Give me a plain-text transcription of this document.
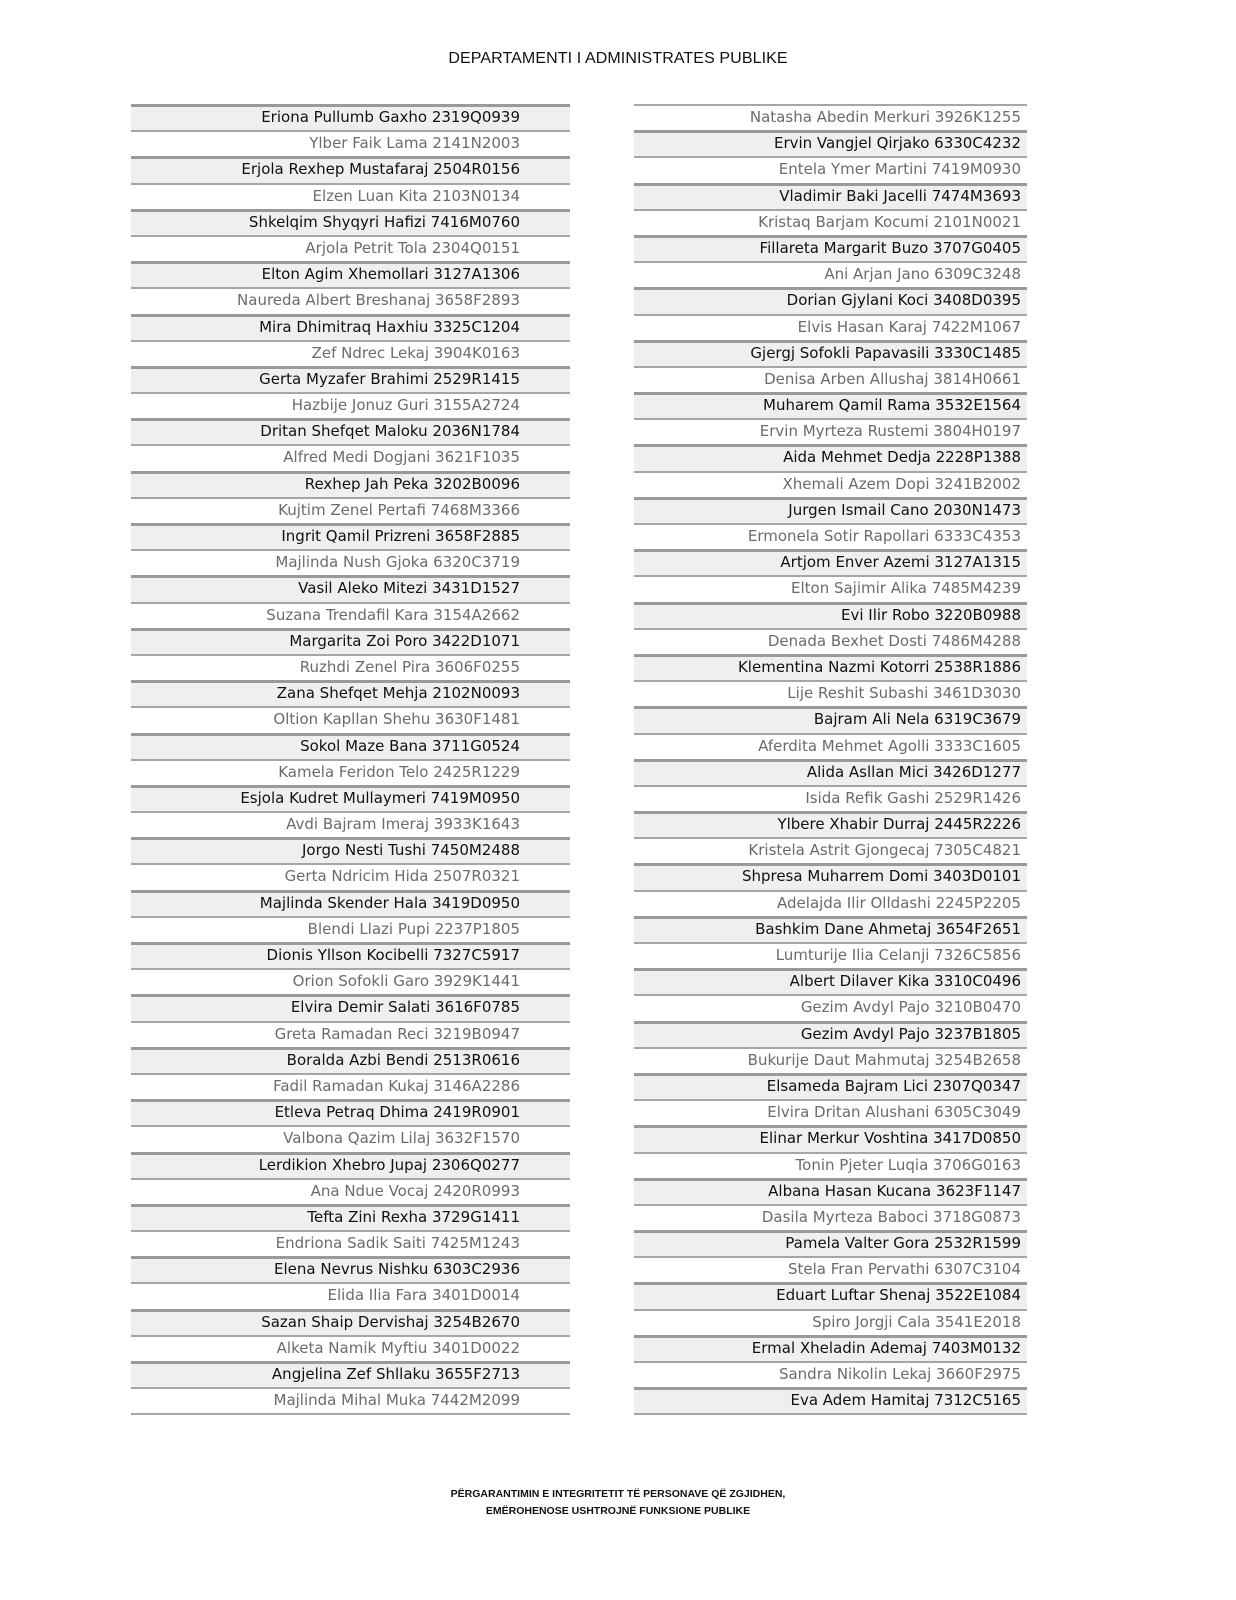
DEPARTAMENTI I ADMINISTRATES PUBLIKE
Eriona Pullumb Gaxho 2319Q0939
Ylber Faik Lama 2141N2003
Erjola Rexhep Mustafaraj 2504R0156
Elzen Luan Kita 2103N0134
Shkelqim Shyqyri Hafizi 7416M0760
Arjola Petrit Tola 2304Q0151
Elton Agim Xhemollari 3127A1306
Naureda Albert Breshanaj 3658F2893
Mira Dhimitraq Haxhiu 3325C1204
Zef Ndrec Lekaj 3904K0163
Gerta Myzafer Brahimi 2529R1415
Hazbije Jonuz Guri 3155A2724
Dritan Shefqet Maloku 2036N1784
Alfred Medi Dogjani 3621F1035
Rexhep Jah Peka 3202B0096
Kujtim Zenel Pertafi 7468M3366
Ingrit Qamil Prizreni 3658F2885
Majlinda Nush Gjoka 6320C3719
Vasil Aleko Mitezi 3431D1527
Suzana Trendafil Kara 3154A2662
Margarita Zoi Poro 3422D1071
Ruzhdi Zenel Pira 3606F0255
Zana Shefqet Mehja 2102N0093
Oltion Kapllan Shehu 3630F1481
Sokol Maze Bana 3711G0524
Kamela Feridon Telo 2425R1229
Esjola Kudret Mullaymeri 7419M0950
Avdi Bajram Imeraj 3933K1643
Jorgo Nesti Tushi 7450M2488
Gerta Ndricim Hida 2507R0321
Majlinda Skender Hala 3419D0950
Blendi Llazi Pupi 2237P1805
Dionis Yllson Kocibelli 7327C5917
Orion Sofokli Garo 3929K1441
Elvira Demir Salati 3616F0785
Greta Ramadan Reci 3219B0947
Boralda Azbi Bendi 2513R0616
Fadil Ramadan Kukaj 3146A2286
Etleva Petraq Dhima 2419R0901
Valbona Qazim Lilaj 3632F1570
Lerdikion Xhebro Jupaj 2306Q0277
Ana Ndue Vocaj 2420R0993
Tefta Zini Rexha 3729G1411
Endriona Sadik Saiti 7425M1243
Elena Nevrus Nishku 6303C2936
Elida Ilia Fara 3401D0014
Sazan Shaip Dervishaj 3254B2670
Alketa Namik Myftiu 3401D0022
Angjelina Zef Shllaku 3655F2713
Majlinda Mihal Muka 7442M2099
Natasha Abedin Merkuri 3926K1255
Ervin Vangjel Qirjako 6330C4232
Entela Ymer Martini 7419M0930
Vladimir Baki Jacelli 7474M3693
Kristaq Barjam Kocumi 2101N0021
Fillareta Margarit Buzo 3707G0405
Ani Arjan Jano 6309C3248
Dorian Gjylani Koci 3408D0395
Elvis Hasan Karaj 7422M1067
Gjergj Sofokli Papavasili 3330C1485
Denisa Arben Allushaj 3814H0661
Muharem Qamil Rama 3532E1564
Ervin Myrteza Rustemi 3804H0197
Aida Mehmet Dedja 2228P1388
Xhemali Azem Dopi 3241B2002
Jurgen Ismail Cano 2030N1473
Ermonela Sotir Rapollari 6333C4353
Artjom Enver Azemi 3127A1315
Elton Sajimir Alika 7485M4239
Evi Ilir Robo 3220B0988
Denada Bexhet Dosti 7486M4288
Klementina Nazmi Kotorri 2538R1886
Lije Reshit Subashi 3461D3030
Bajram Ali Nela 6319C3679
Aferdita Mehmet Agolli 3333C1605
Alida Asllan Mici 3426D1277
Isida Refik Gashi 2529R1426
Ylbere Xhabir Durraj 2445R2226
Kristela Astrit Gjongecaj 7305C4821
Shpresa Muharrem Domi 3403D0101
Adelajda Ilir Olldashi 2245P2205
Bashkim Dane Ahmetaj 3654F2651
Lumturije Ilia Celanji 7326C5856
Albert Dilaver Kika 3310C0496
Gezim Avdyl Pajo 3210B0470
Gezim Avdyl Pajo 3237B1805
Bukurije Daut Mahmutaj 3254B2658
Elsameda Bajram Lici 2307Q0347
Elvira Dritan Alushani 6305C3049
Elinar Merkur Voshtina 3417D0850
Tonin Pjeter Luqia 3706G0163
Albana Hasan Kucana 3623F1147
Dasila Myrteza Baboci 3718G0873
Pamela Valter Gora 2532R1599
Stela Fran Pervathi 6307C3104
Eduart Luftar Shenaj 3522E1084
Spiro Jorgji Cala 3541E2018
Ermal Xheladin Ademaj 7403M0132
Sandra Nikolin Lekaj 3660F2975
Eva Adem Hamitaj 7312C5165
PËRGARANTIMIN E INTEGRITETIT TË PERSONAVE QË ZGJIDHEN,
EMËROHENOSE USHTROJNË FUNKSIONE PUBLIKE
